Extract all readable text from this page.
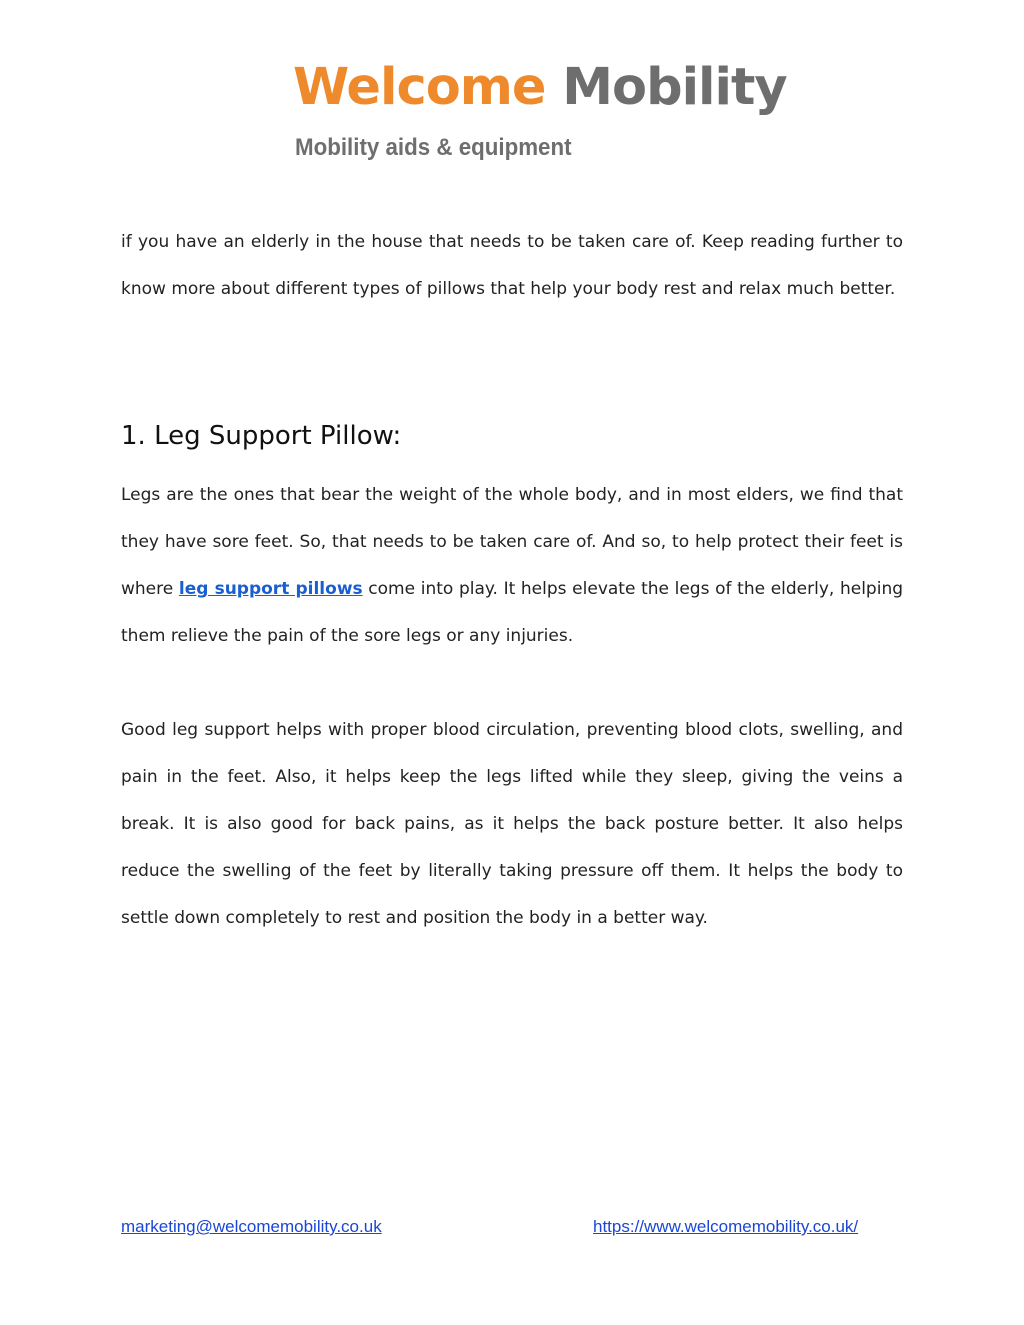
Welcome Mobility
Mobility aids & equipment

if you have an elderly in the house that needs to be taken care of. Keep reading further to know more about different types of pillows that help your body rest and relax much better.

1. Leg Support Pillow:

Legs are the ones that bear the weight of the whole body, and in most elders, we find that they have sore feet. So, that needs to be taken care of. And so, to help protect their feet is where leg support pillows come into play. It helps elevate the legs of the elderly, helping them relieve the pain of the sore legs or any injuries.

Good leg support helps with proper blood circulation, preventing blood clots, swelling, and pain in the feet. Also, it helps keep the legs lifted while they sleep, giving the veins a break. It is also good for back pains, as it helps the back posture better. It also helps reduce the swelling of the feet by literally taking pressure off them. It helps the body to settle down completely to rest and position the body in a better way.

marketing@welcomemobility.co.uk	https://www.welcomemobility.co.uk/
